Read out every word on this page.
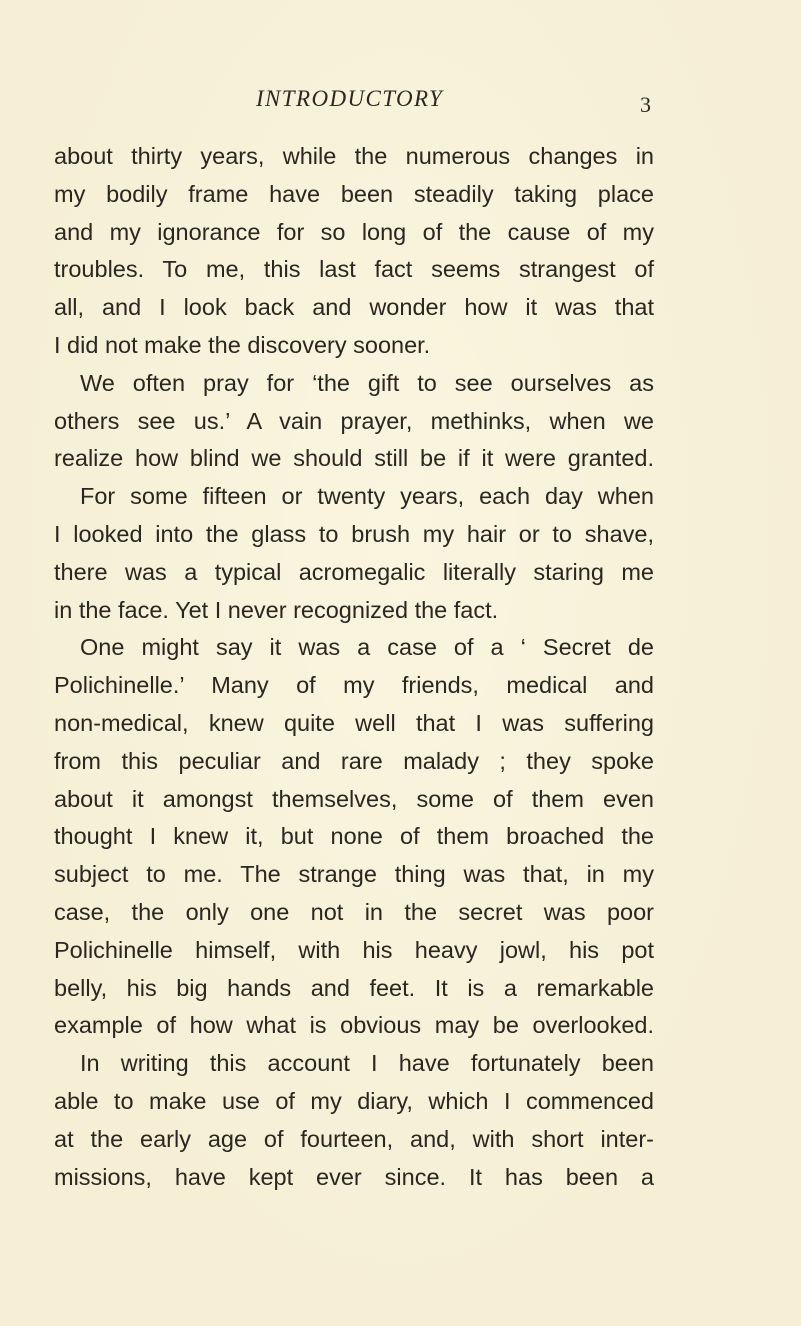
INTRODUCTORY	3
about thirty years, while the numerous changes in
my bodily frame have been steadily taking place
and my ignorance for so long of the cause of my
troubles. To me, this last fact seems strangest of
all, and I look back and wonder how it was that
I did not make the discovery sooner.
We often pray for ‘the gift to see ourselves as
others see us.’ A vain prayer, methinks, when we
realize how blind we should still be if it were granted.
For some fifteen or twenty years, each day when
I looked into the glass to brush my hair or to shave,
there was a typical acromegalic literally staring me
in the face. Yet I never recognized the fact.
One might say it was a case of a ‘ Secret de
Polichinelle.’ Many of my friends, medical and
non-medical, knew quite well that I was suffering
from this peculiar and rare malady ; they spoke
about it amongst themselves, some of them even
thought I knew it, but none of them broached the
subject to me. The strange thing was that, in my
case, the only one not in the secret was poor
Polichinelle himself, with his heavy jowl, his pot
belly, his big hands and feet. It is a remarkable
example of how what is obvious may be overlooked.
In writing this account I have fortunately been
able to make use of my diary, which I commenced
at the early age of fourteen, and, with short inter-
missions, have kept ever since. It has been a
